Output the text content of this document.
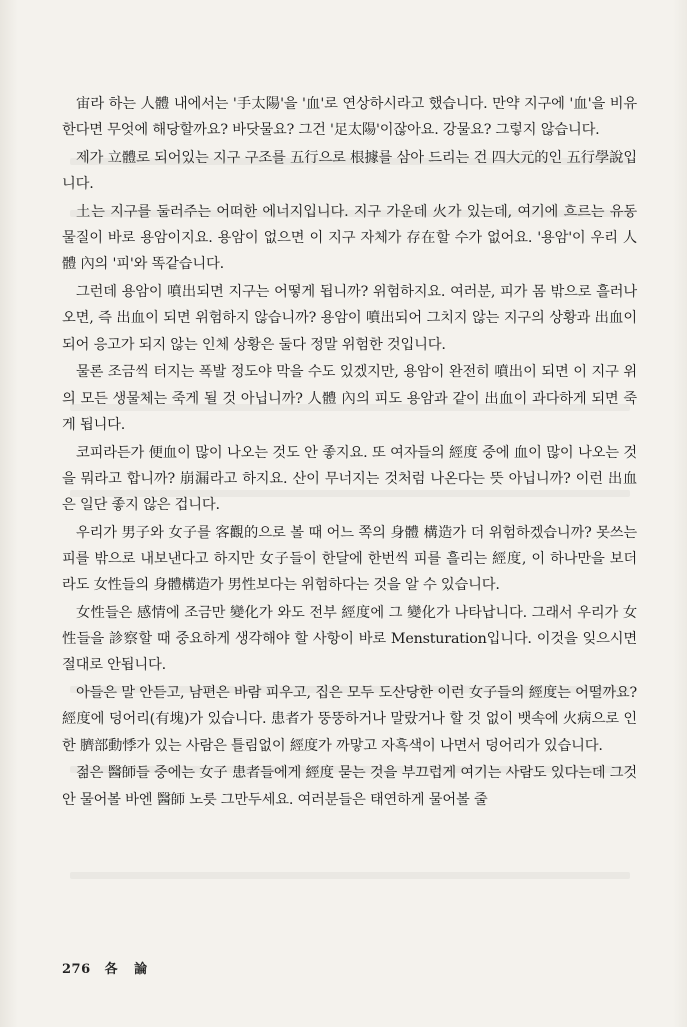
宙라 하는 人體 내에서는 '手太陽'을 '血'로 연상하시라고 했습니다. 만약 지구에 '血'을 비유한다면 무엇에 해당할까요? 바닷물요? 그건 '足太陽'이잖아요. 강물요? 그렇지 않습니다.

제가 立體로 되어있는 지구 구조를 五行으로 根據를 삼아 드리는 건 四大元的인 五行學說입니다.

土는 지구를 둘러주는 어떠한 에너지입니다. 지구 가운데 火가 있는데, 여기에 흐르는 유동물질이 바로 용암이지요. 용암이 없으면 이 지구 자체가 存在할 수가 없어요. '용암'이 우리 人體 內의 '피'와 똑같습니다.

그런데 용암이 噴出되면 지구는 어떻게 됩니까? 위험하지요. 여러분, 피가 몸 밖으로 흘러나오면, 즉 出血이 되면 위험하지 않습니까? 용암이 噴出되어 그치지 않는 지구의 상황과 出血이 되어 응고가 되지 않는 인체 상황은 둘다 정말 위험한 것입니다.

물론 조금씩 터지는 폭발 정도야 막을 수도 있겠지만, 용암이 완전히 噴出이 되면 이 지구 위의 모든 생물체는 죽게 될 것 아닙니까? 人體 內의 피도 용암과 같이 出血이 과다하게 되면 죽게 됩니다.

코피라든가 便血이 많이 나오는 것도 안 좋지요. 또 여자들의 經度 중에 血이 많이 나오는 것을 뭐라고 합니까? 崩漏라고 하지요. 산이 무너지는 것처럼 나온다는 뜻 아닙니까? 이런 出血은 일단 좋지 않은 겁니다.

우리가 男子와 女子를 客觀的으로 볼 때 어느 쪽의 身體 構造가 더 위험하겠습니까? 못쓰는 피를 밖으로 내보낸다고 하지만 女子들이 한달에 한번씩 피를 흘리는 經度, 이 하나만을 보더라도 女性들의 身體構造가 男性보다는 위험하다는 것을 알 수 있습니다.

女性들은 感情에 조금만 變化가 와도 전부 經度에 그 變化가 나타납니다. 그래서 우리가 女性들을 診察할 때 중요하게 생각해야 할 사항이 바로 Mensturation입니다. 이것을 잊으시면 절대로 안됩니다.

아들은 말 안듣고, 남편은 바람 피우고, 집은 모두 도산당한 이런 女子들의 經度는 어떨까요? 經度에 덩어리(有塊)가 있습니다. 患者가 뚱뚱하거나 말랐거나 할 것 없이 뱃속에 火病으로 인한 臍部動悸가 있는 사람은 틀림없이 經度가 까맣고 자흑색이 나면서 덩어리가 있습니다.

젊은 醫師들 중에는 女子 患者들에게 經度 묻는 것을 부끄럽게 여기는 사람도 있다는데 그것 안 물어볼 바엔 醫師 노릇 그만두세요. 여러분들은 태연하게 물어볼 줄

276 各 論
